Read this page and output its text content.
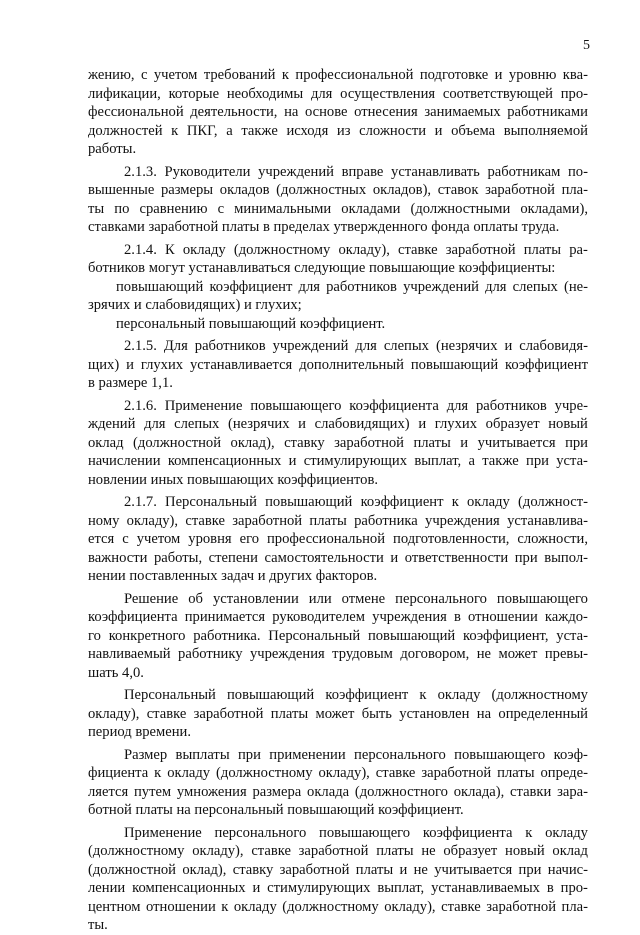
5
жению, с учетом требований к профессиональной подготовке и уровню ква-
лификации, которые необходимы для осуществления соответствующей про-
фессиональной деятельности, на основе отнесения занимаемых работниками
должностей к ПКГ, а также исходя из сложности и объема выполняемой
работы.
2.1.3. Руководители учреждений вправе устанавливать работникам по-
вышенные размеры окладов (должностных окладов), ставок заработной пла-
ты по сравнению с минимальными окладами (должностными окладами),
ставками заработной платы в пределах утвержденного фонда оплаты труда.
2.1.4. К окладу (должностному окладу), ставке заработной платы ра-
ботников могут устанавливаться следующие повышающие коэффициенты:
повышающий коэффициент для работников учреждений для слепых (не-
зрячих и слабовидящих) и глухих;
персональный повышающий коэффициент.
2.1.5. Для работников учреждений для слепых (незрячих и слабовидя-
щих) и глухих устанавливается дополнительный повышающий коэффициент
в размере 1,1.
2.1.6. Применение повышающего коэффициента для работников учре-
ждений для слепых (незрячих и слабовидящих) и глухих образует новый
оклад (должностной оклад), ставку заработной платы и учитывается при
начислении компенсационных и стимулирующих выплат, а также при уста-
новлении иных повышающих коэффициентов.
2.1.7. Персональный повышающий коэффициент к окладу (должност-
ному окладу), ставке заработной платы работника учреждения устанавлива-
ется с учетом уровня его профессиональной подготовленности, сложности,
важности работы, степени самостоятельности и ответственности при выпол-
нении поставленных задач и других факторов.
Решение об установлении или отмене персонального повышающего
коэффициента принимается руководителем учреждения в отношении каждо-
го конкретного работника. Персональный повышающий коэффициент, уста-
навливаемый работнику учреждения трудовым договором, не может превы-
шать 4,0.
Персональный повышающий коэффициент к окладу (должностному
окладу), ставке заработной платы может быть установлен на определенный
период времени.
Размер выплаты при применении персонального повышающего коэф-
фициента к окладу (должностному окладу), ставке заработной платы опреде-
ляется путем умножения размера оклада (должностного оклада), ставки зара-
ботной платы на персональный повышающий коэффициент.
Применение персонального повышающего коэффициента к окладу
(должностному окладу), ставке заработной платы не образует новый оклад
(должностной оклад), ставку заработной платы и не учитывается при начис-
лении компенсационных и стимулирующих выплат, устанавливаемых в про-
центном отношении к окладу (должностному окладу), ставке заработной пла-
ты.
